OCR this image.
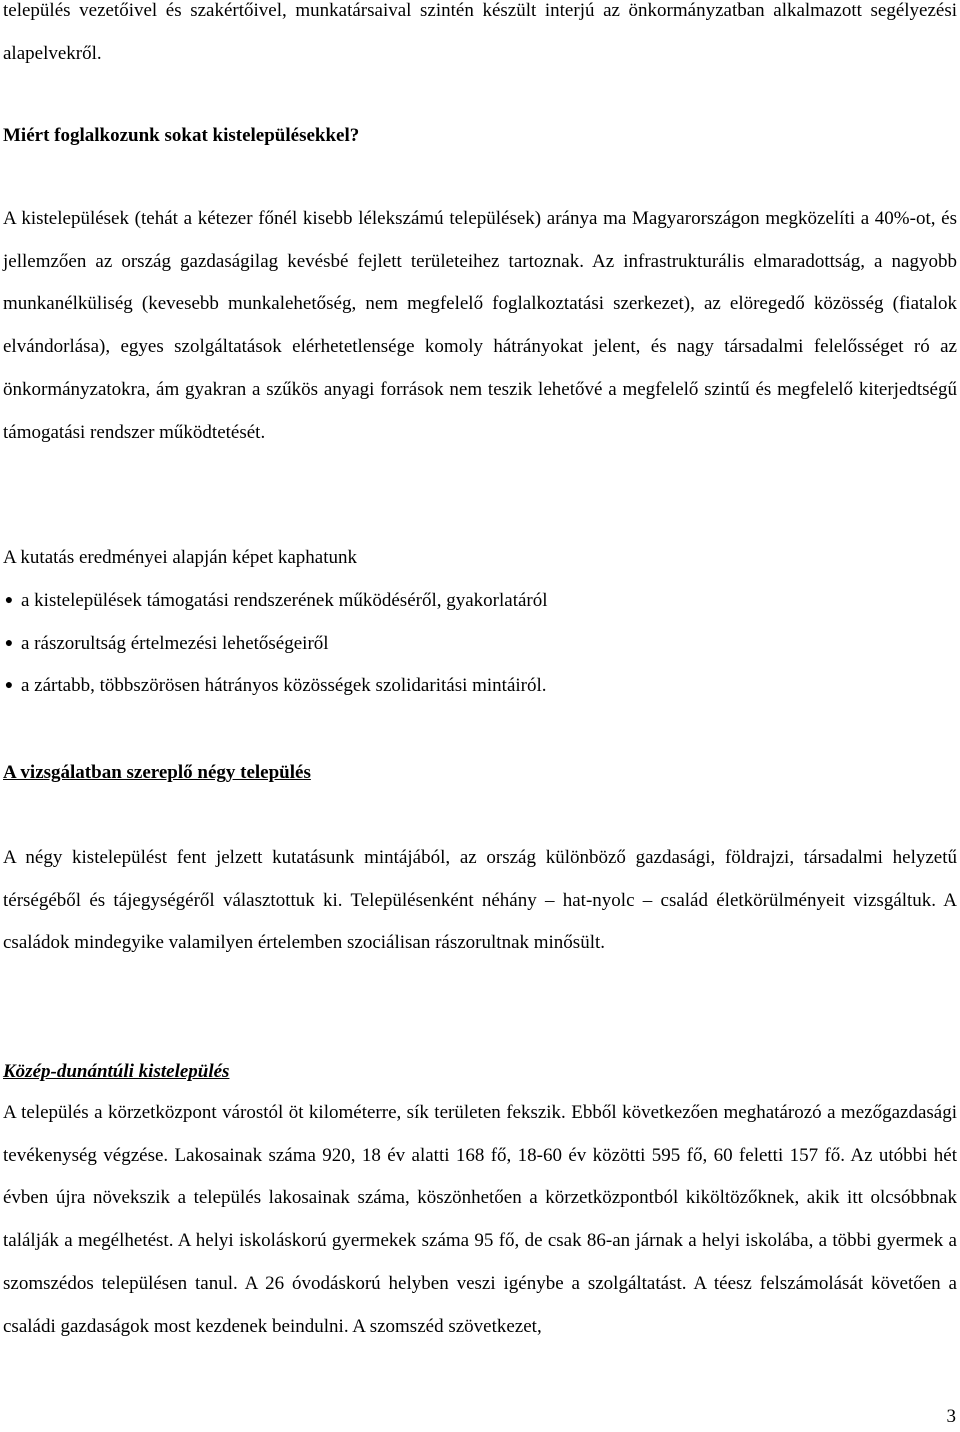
település vezetőivel és szakértőivel, munkatársaival szintén készült interjú az önkormányzatban alkalmazott segélyezési alapelvekről.

Miért foglalkozunk sokat kistelepülésekkel?

A kistelepülések (tehát a kétezer főnél kisebb lélekszámú települések) aránya ma Magyarországon megközelíti a 40%-ot, és jellemzően az ország gazdaságilag kevésbé fejlett területeihez tartoznak. Az infrastrukturális elmaradottság, a nagyobb munkanélküliség (kevesebb munkalehetőség, nem megfelelő foglalkoztatási szerkezet), az elöregedő közösség (fiatalok elvándorlása), egyes szolgáltatások elérhetetlensége komoly hátrányokat jelent, és nagy társadalmi felelősséget ró az önkormányzatokra, ám gyakran a szűkös anyagi források nem teszik lehetővé a megfelelő szintű és megfelelő kiterjedtségű támogatási rendszer működtetését.

A kutatás eredményei alapján képet kaphatunk

● a kistelepülések támogatási rendszerének működéséről, gyakorlatáról
● a rászorultság értelmezési lehetőségeiről
● a zártabb, többszörösen hátrányos közösségek szolidaritási mintáiról.

A vizsgálatban szereplő négy település

A négy kistelepülést fent jelzett kutatásunk mintájából, az ország különböző gazdasági, földrajzi, társadalmi helyzetű térségéből és tájegységéről választottuk ki. Településenként néhány – hat-nyolc – család életkörülményeit vizsgáltuk. A családok mindegyike valamilyen értelemben szociálisan rászorultnak minősült.

Közép-dunántúli kistelepülés

A település a körzetközpont várostól öt kilométerre, sík területen fekszik. Ebből következően meghatározó a mezőgazdasági tevékenység végzése. Lakosainak száma 920, 18 év alatti 168 fő, 18-60 év közötti 595 fő, 60 feletti 157 fő. Az utóbbi hét évben újra növekszik a település lakosainak száma, köszönhetően a körzetközpontból kiköltözőknek, akik itt olcsóbbnak találják a megélhetést. A helyi iskoláskorú gyermekek száma 95 fő, de csak 86-an járnak a helyi iskolába, a többi gyermek a szomszédos településen tanul. A 26 óvodáskorú helyben veszi igénybe a szolgáltatást. A téesz felszámolását követően a családi gazdaságok most kezdenek beindulni. A szomszéd szövetkezet,

3
